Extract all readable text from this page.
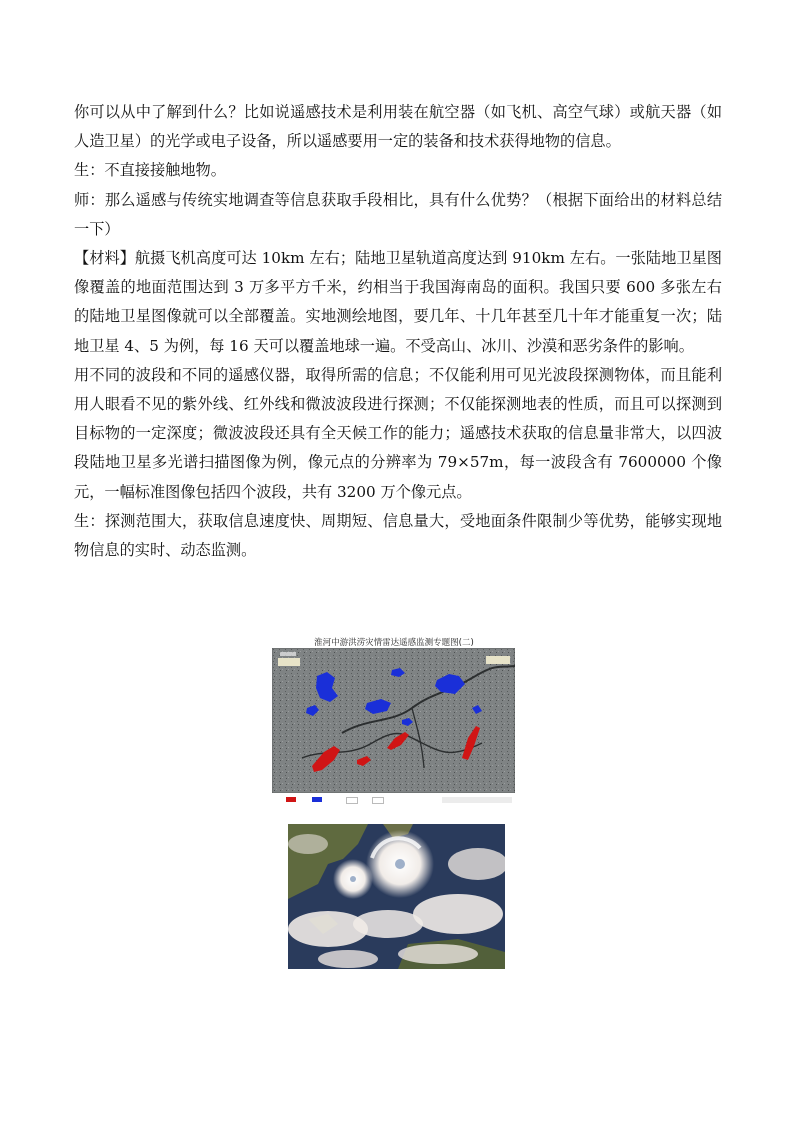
你可以从中了解到什么？比如说遥感技术是利用装在航空器（如飞机、高空气球）或航天器（如人造卫星）的光学或电子设备，所以遥感要用一定的装备和技术获得地物的信息。

生：不直接接触地物。

师：那么遥感与传统实地调查等信息获取手段相比，具有什么优势？（根据下面给出的材料总结一下）

【材料】航摄飞机高度可达 10km 左右；陆地卫星轨道高度达到 910km 左右。一张陆地卫星图像覆盖的地面范围达到 3 万多平方千米，约相当于我国海南岛的面积。我国只要 600 多张左右的陆地卫星图像就可以全部覆盖。实地测绘地图，要几年、十几年甚至几十年才能重复一次；陆地卫星 4、5 为例，每 16 天可以覆盖地球一遍。不受高山、冰川、沙漠和恶劣条件的影响。

用不同的波段和不同的遥感仪器，取得所需的信息；不仅能利用可见光波段探测物体，而且能利用人眼看不见的紫外线、红外线和微波波段进行探测；不仅能探测地表的性质，而且可以探测到目标物的一定深度；微波波段还具有全天候工作的能力；遥感技术获取的信息量非常大，以四波段陆地卫星多光谱扫描图像为例，像元点的分辨率为 79×57m，每一波段含有 7600000 个像元，一幅标准图像包括四个波段，共有 3200 万个像元点。

生：探测范围大，获取信息速度快、周期短、信息量大，受地面条件限制少等优势，能够实现地物信息的实时、动态监测。

淮河中游洪涝灾情雷达遥感监测专题图(二)
